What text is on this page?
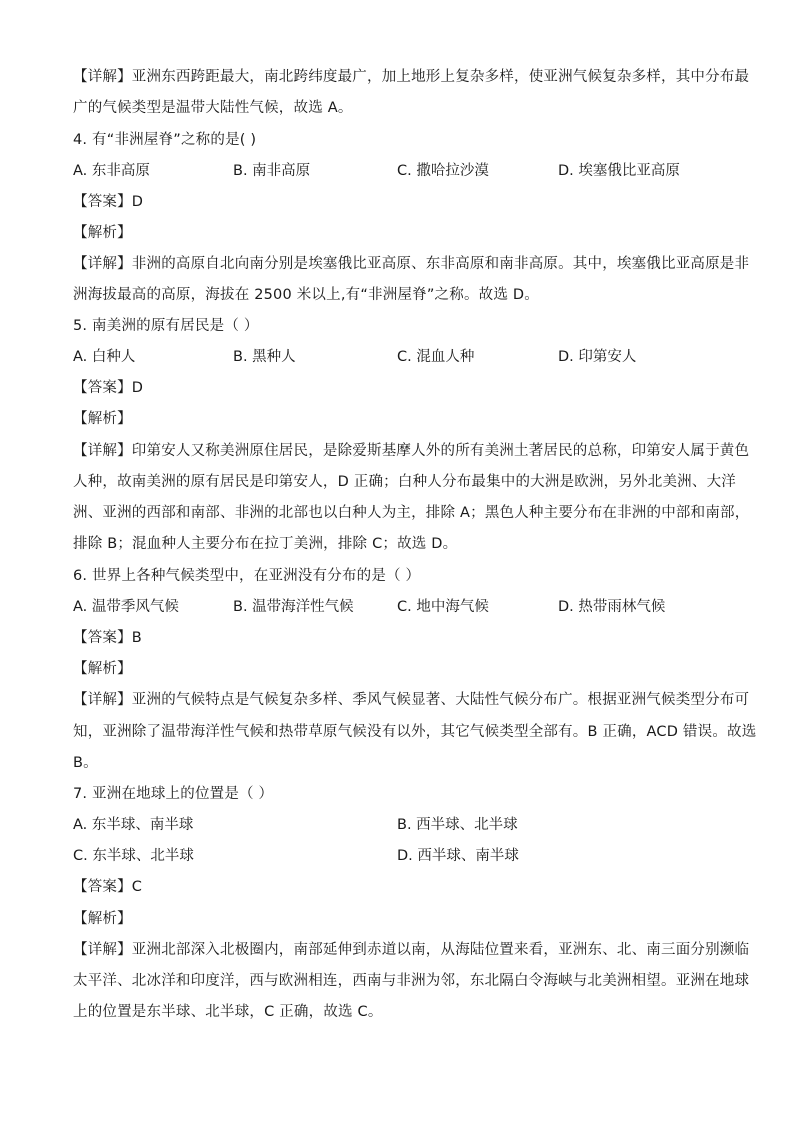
【详解】亚洲东西跨距最大，南北跨纬度最广，加上地形上复杂多样，使亚洲气候复杂多样，其中分布最
广的气候类型是温带大陆性气候，故选 A。
4. 有“非洲屋脊”之称的是( )
A. 东非高原	B. 南非高原	C. 撒哈拉沙漠	D. 埃塞俄比亚高原
【答案】D
【解析】
【详解】非洲的高原自北向南分别是埃塞俄比亚高原、东非高原和南非高原。其中，埃塞俄比亚高原是非
洲海拔最高的高原，海拔在 2500 米以上,有“非洲屋脊”之称。故选 D。
5. 南美洲的原有居民是（ ）
A. 白种人	B. 黑种人	C. 混血人种	D. 印第安人
【答案】D
【解析】
【详解】印第安人又称美洲原住居民，是除爱斯基摩人外的所有美洲土著居民的总称，印第安人属于黄色
人种，故南美洲的原有居民是印第安人，D 正确；白种人分布最集中的大洲是欧洲，另外北美洲、大洋
洲、亚洲的西部和南部、非洲的北部也以白种人为主，排除 A；黑色人种主要分布在非洲的中部和南部，
排除 B；混血种人主要分布在拉丁美洲，排除 C；故选 D。
6. 世界上各种气候类型中，在亚洲没有分布的是（ ）
A. 温带季风气候	B. 温带海洋性气候	C. 地中海气候	D. 热带雨林气候
【答案】B
【解析】
【详解】亚洲的气候特点是气候复杂多样、季风气候显著、大陆性气候分布广。根据亚洲气候类型分布可
知，亚洲除了温带海洋性气候和热带草原气候没有以外，其它气候类型全部有。B 正确，ACD 错误。故选
B。
7. 亚洲在地球上的位置是（ ）
A. 东半球、南半球	B. 西半球、北半球
C. 东半球、北半球	D. 西半球、南半球
【答案】C
【解析】
【详解】亚洲北部深入北极圈内，南部延伸到赤道以南，从海陆位置来看，亚洲东、北、南三面分别濒临
太平洋、北冰洋和印度洋，西与欧洲相连，西南与非洲为邻，东北隔白令海峡与北美洲相望。亚洲在地球
上的位置是东半球、北半球，C 正确，故选 C。
